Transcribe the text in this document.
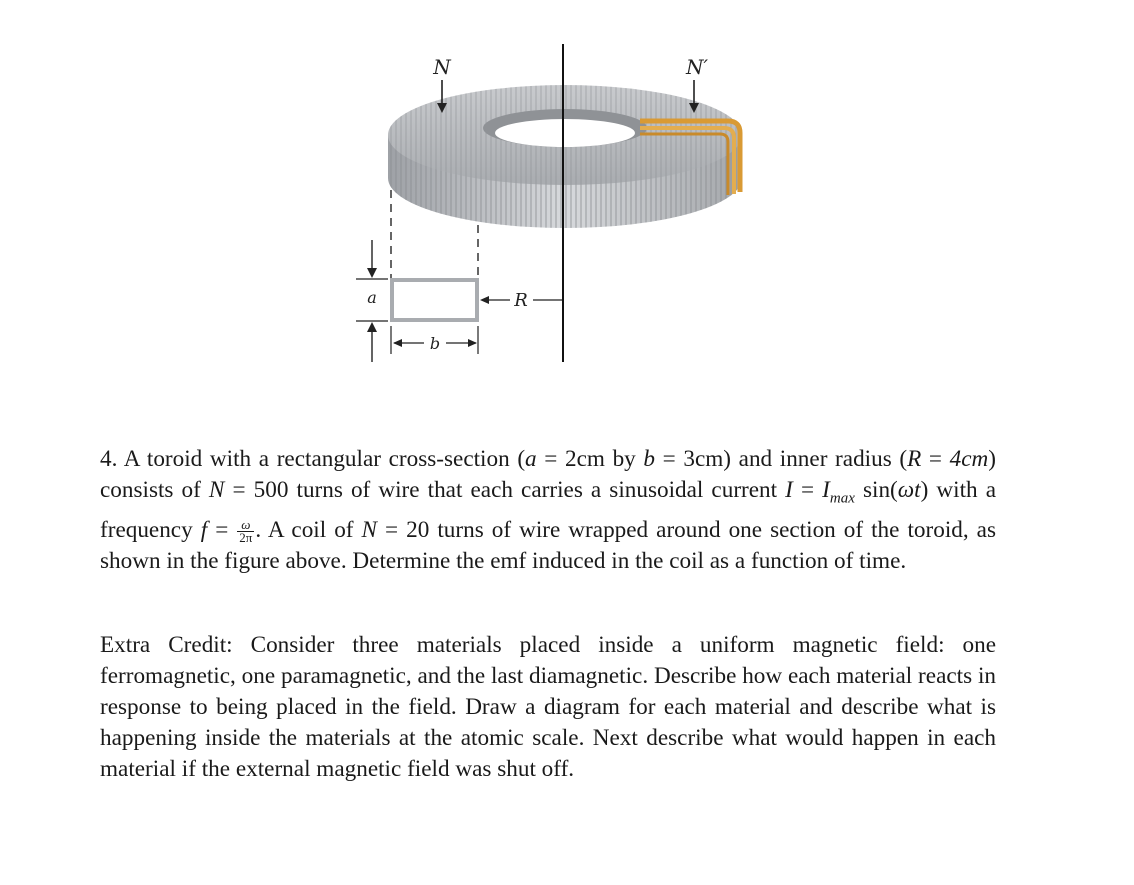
N	N′
a
b
R

4. A toroid with a rectangular cross-section (a = 2cm by b = 3cm) and inner radius (R = 4cm) consists of N = 500 turns of wire that each carries a sinusoidal current $I = I_{max}$ sin(ωt) with a frequency $f = \frac{\omega}{2\pi}$ . A coil of N = 20 turns of wire wrapped around one section of the toroid, as shown in the figure above. Determine the emf induced in the coil as a function of time.

Extra Credit: Consider three materials placed inside a uniform magnetic field: one ferromagnetic, one paramagnetic, and the last diamagnetic. Describe how each material reacts in response to being placed in the field. Draw a diagram for each material and describe what is happening inside the materials at the atomic scale. Next describe what would happen in each material if the external magnetic field was shut off.
